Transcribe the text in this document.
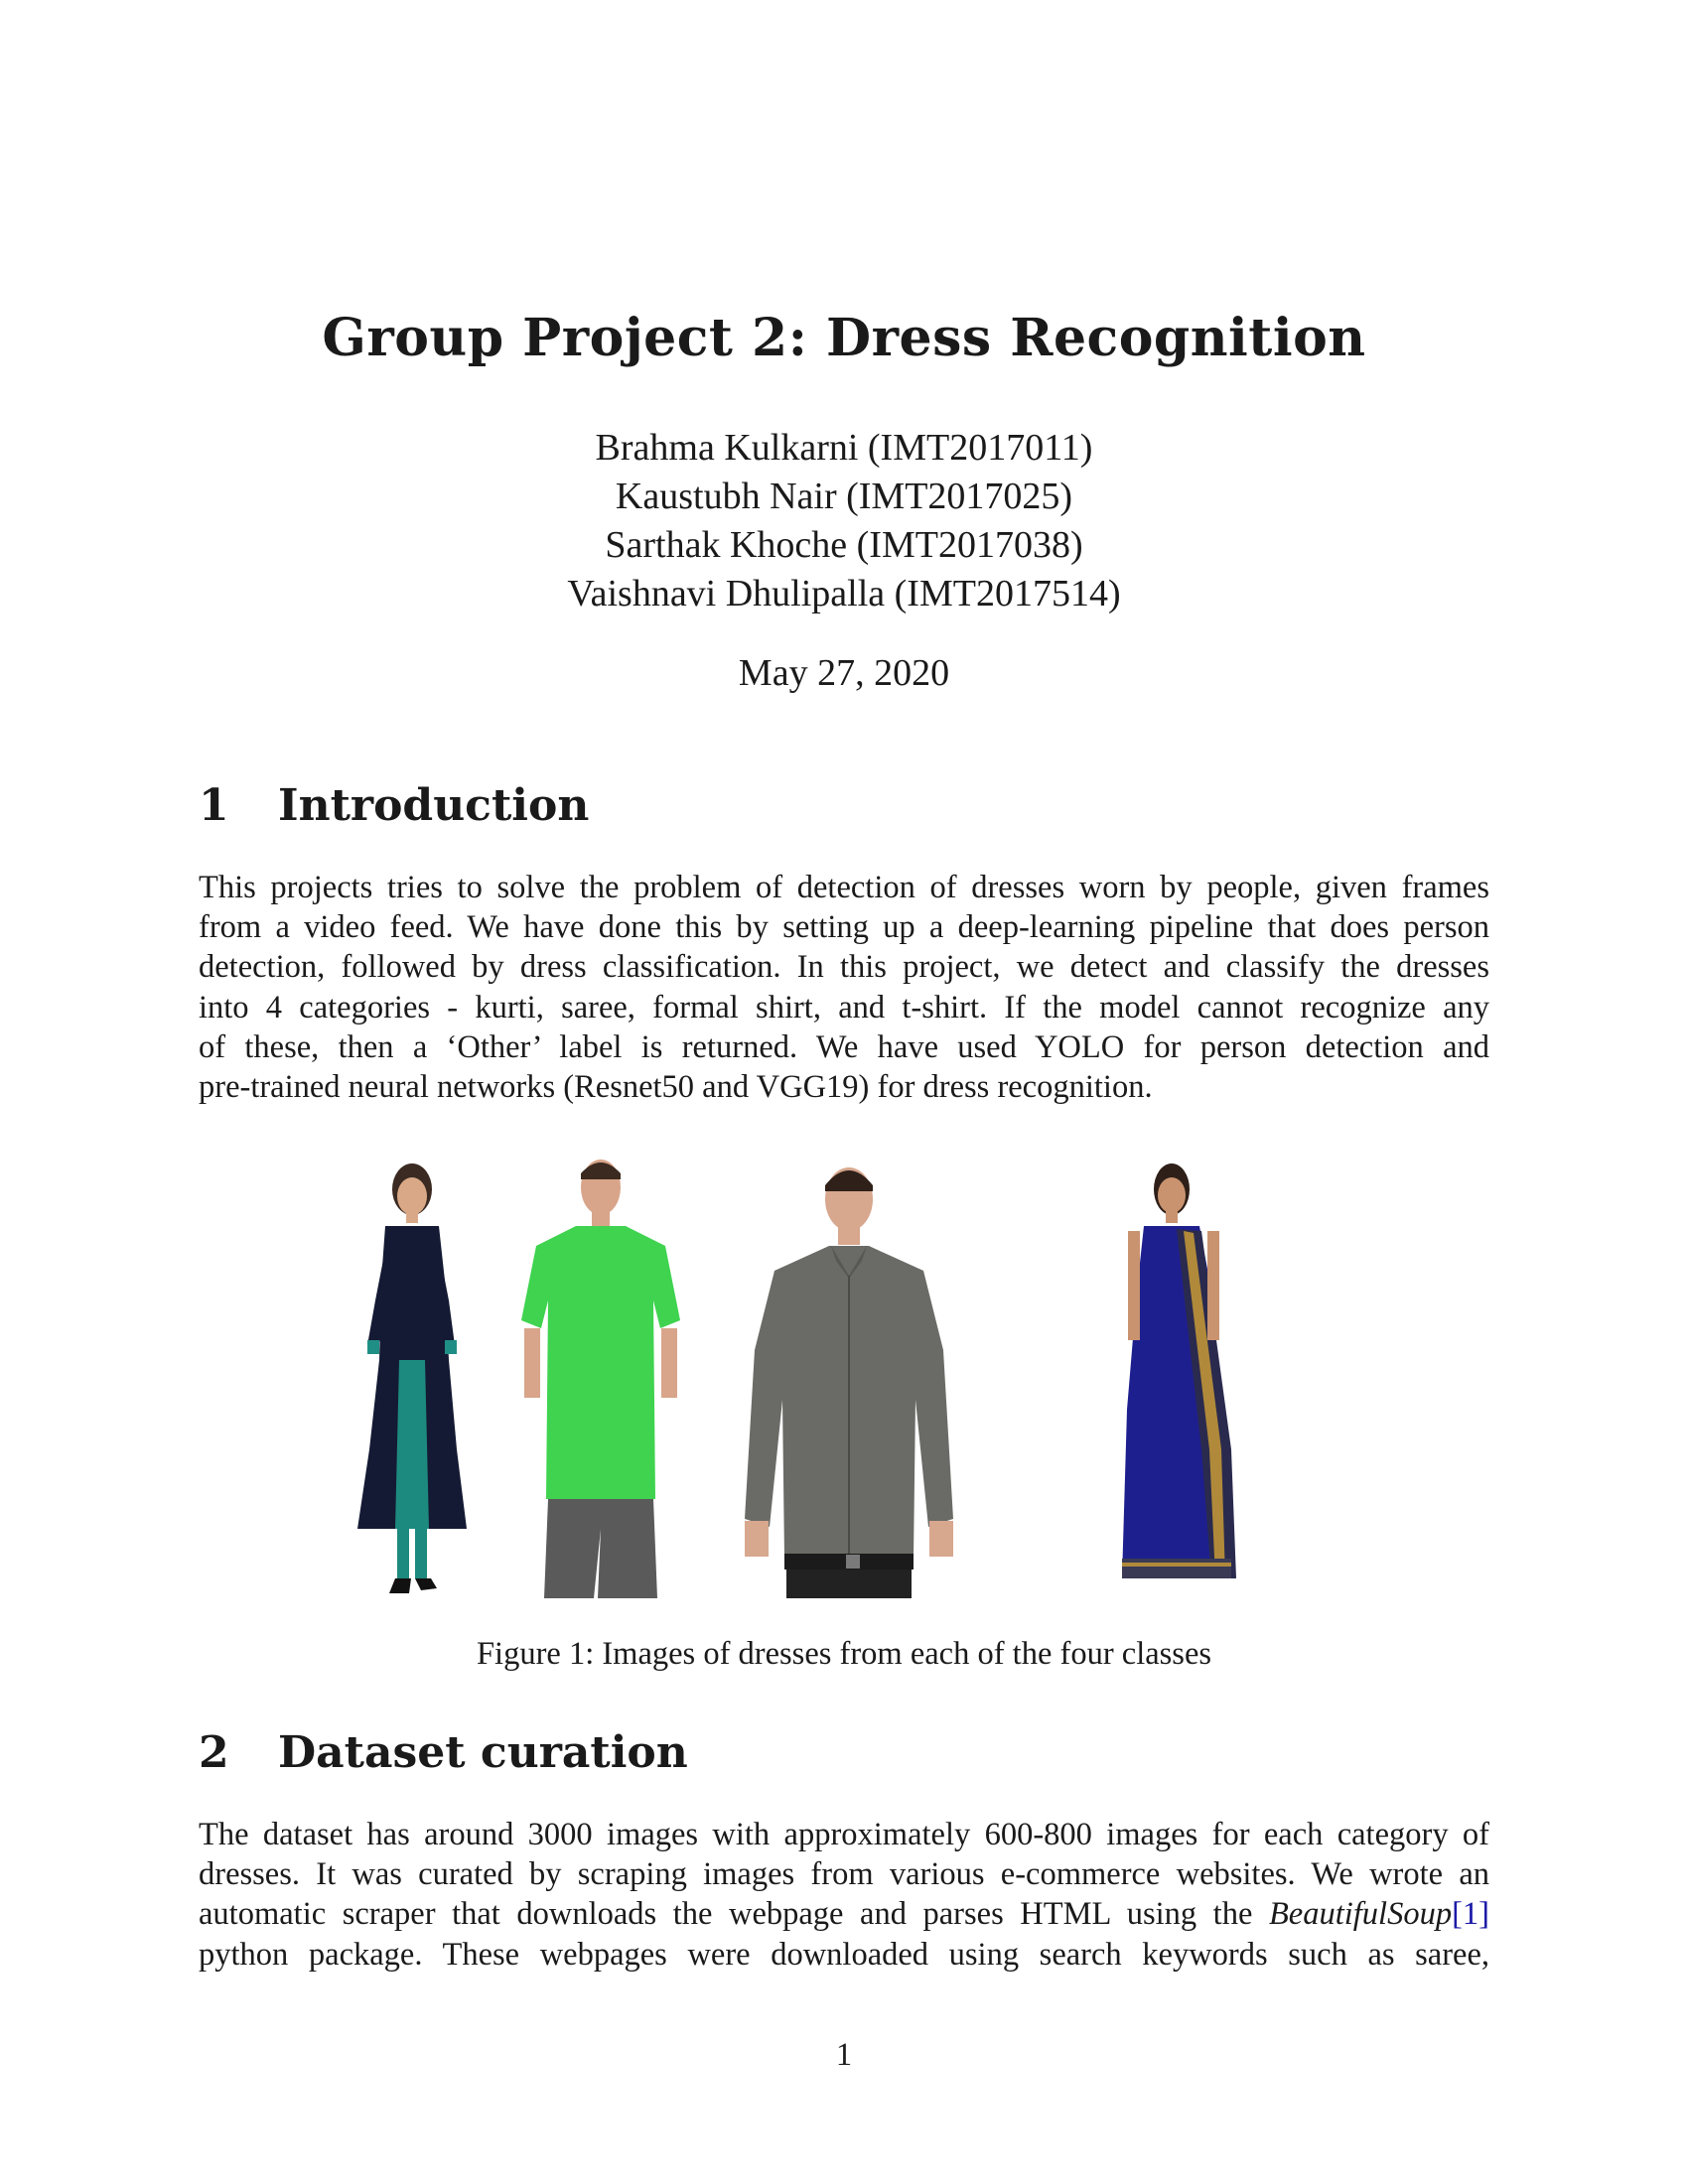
Group Project 2: Dress Recognition
Brahma Kulkarni (IMT2017011)
Kaustubh Nair (IMT2017025)
Sarthak Khoche (IMT2017038)
Vaishnavi Dhulipalla (IMT2017514)
May 27, 2020
1 Introduction
This projects tries to solve the problem of detection of dresses worn by people, given frames
from a video feed. We have done this by setting up a deep-learning pipeline that does person
detection, followed by dress classification. In this project, we detect and classify the dresses
into 4 categories - kurti, saree, formal shirt, and t-shirt. If the model cannot recognize any
of these, then a ‘Other’ label is returned. We have used YOLO for person detection and
pre-trained neural networks (Resnet50 and VGG19) for dress recognition.
Figure 1: Images of dresses from each of the four classes
2 Dataset curation
The dataset has around 3000 images with approximately 600-800 images for each category of
dresses. It was curated by scraping images from various e-commerce websites. We wrote an
automatic scraper that downloads the webpage and parses HTML using the BeautifulSoup[1]
python package. These webpages were downloaded using search keywords such as saree,
1
